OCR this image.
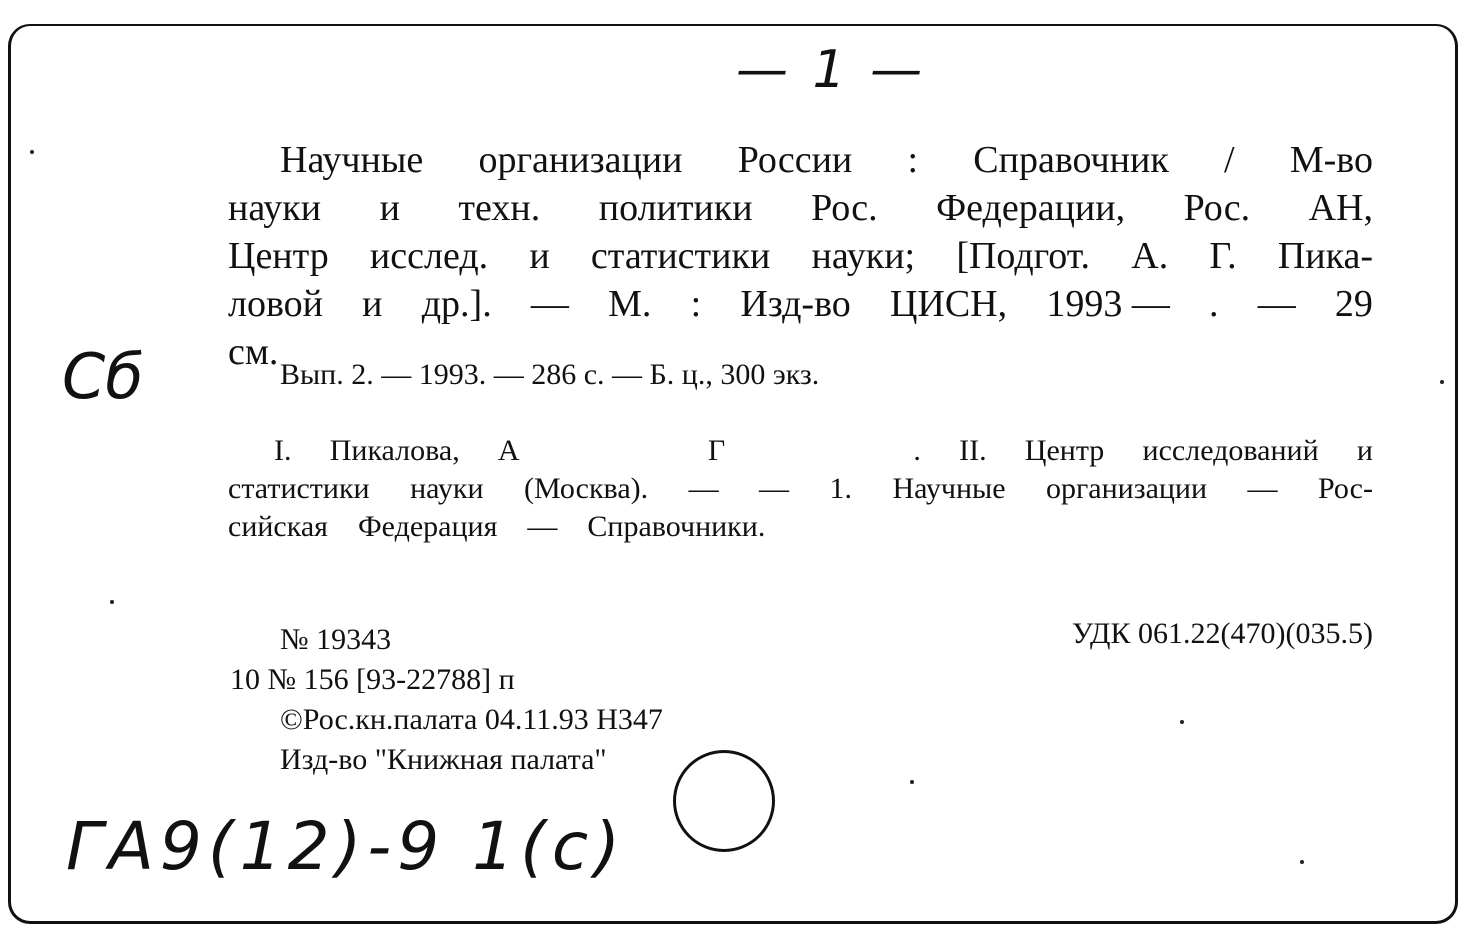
— 1 —
Сб
Научные организации России : Справочник / М-во
науки и техн. политики Рос. Федерации, Рос. АН,
Центр исслед. и статистики науки; [Подгот. А. Г. Пика-
ловой и др.]. — М. : Изд-во ЦИСН, 1993 — . — 29
см.
Вып. 2. — 1993. — 286 с. — Б. ц., 300 экз.
I. Пикалова, А	Г	. II. Центр исследований и
статистики науки (Москва). — — 1. Научные организации — Рос-
сийская Федерация — Справочники.
№ 19343
10 № 156 [93-22788] п
©Рос.кн.палата 04.11.93 Н347
Изд-во "Книжная палата"
УДК 061.22(470)(035.5)
ГА9(12)-9 1(с)
